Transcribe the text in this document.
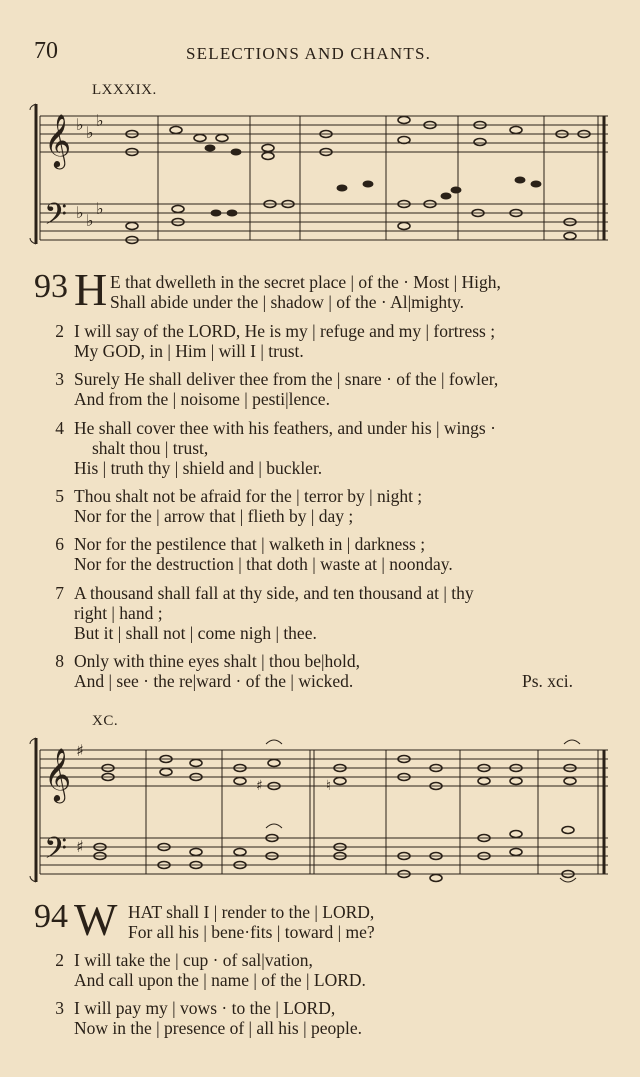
70	SELECTIONS AND CHANTS.
LXXXIX.
𝄞
𝄢
♭ ♭
♭
♭ ♭
♭
93 H E that dwelleth in the secret place | of the · Most | High,
Shall abide under the | shadow | of the · Al|mighty.
2 I will say of the LORD, He is my | refuge and my | fortress ;
My GOD, in | Him | will I | trust.
3 Surely He shall deliver thee from the | snare · of the | fowler,
And from the | noisome | pesti|lence.
4 He shall cover thee with his feathers, and under his | wings ·
shalt thou | trust,
His | truth thy | shield and | buckler.
5 Thou shalt not be afraid for the | terror by | night ;
Nor for the | arrow that | flieth by | day ;
6 Nor for the pestilence that | walketh in | darkness ;
Nor for the destruction | that doth | waste at | noonday.
7 A thousand shall fall at thy side, and ten thousand at | thy
right | hand ;
But it | shall not | come nigh | thee.
8 Only with thine eyes shalt | thou be|hold,
And | see · the re|ward · of the | wicked.	Ps. xci.
XC.
𝄞
𝄢
♯
♯
♯	♮
94 W HAT shall I | render to the | LORD,
For all his | bene·fits | toward | me?
2 I will take the | cup · of sal|vation,
And call upon the | name | of the | LORD.
3 I will pay my | vows · to the | LORD,
Now in the | presence of | all his | people.
